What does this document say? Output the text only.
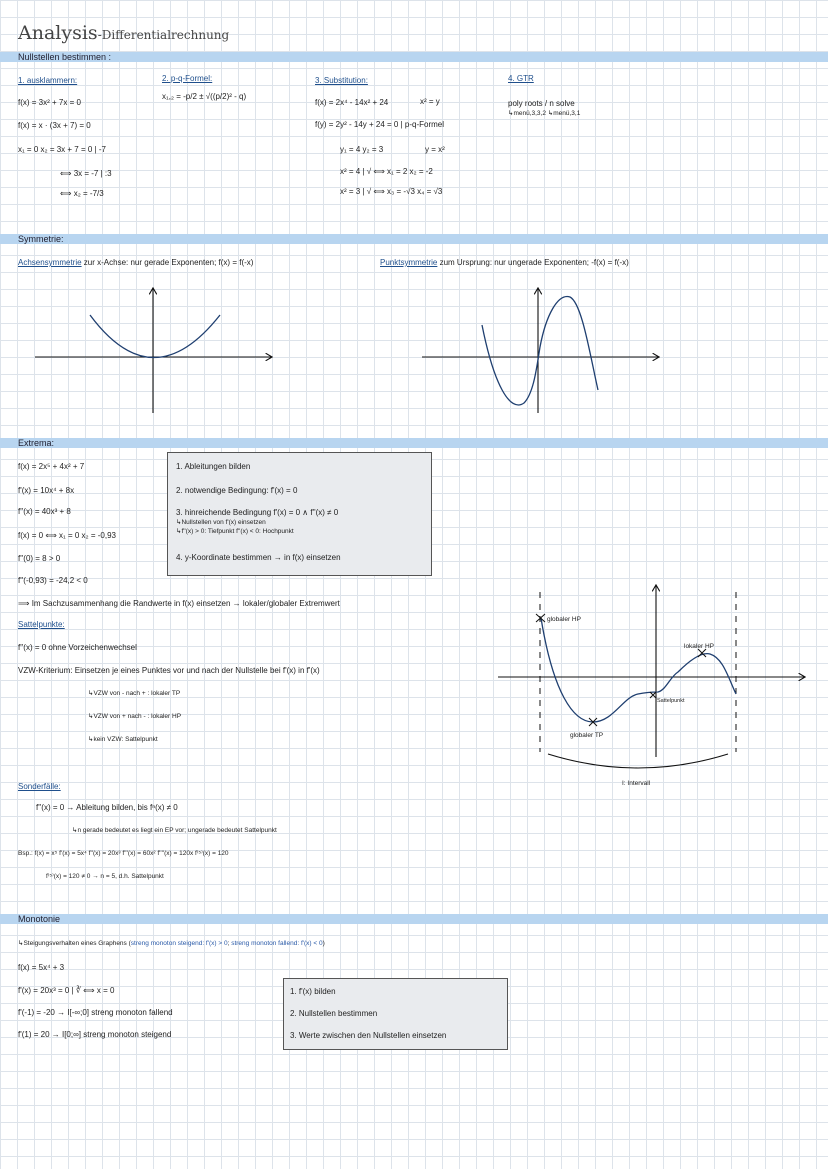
Analysis-Differentialrechnung
Nullstellen bestimmen :
1. ausklammern:
f(x) = 3x² + 7x = 0
f(x) = x · (3x + 7) = 0
x₁ = 0 x₂ = 3x + 7 = 0 | -7
⟺ 3x = -7 | :3
⟺ x₂ = -7/3
2. p-q-Formel:
x₁,₂ = -p/2 ± √((p/2)² - q)
3. Substitution:
f(x) = 2x⁴ - 14x² + 24	x² = y
f(y) = 2y² - 14y + 24 = 0 | p-q-Formel
y₁ = 4 y₂ = 3	y = x²
x² = 4 | √ ⟺ x₁ = 2 x₂ = -2
x² = 3 | √ ⟺ x₃ = -√3 x₄ = √3
4. GTR
poly roots / n solve
↳menü,3,3,2 ↳menü,3,1
Symmetrie:
Achsensymmetrie zur x-Achse: nur gerade Exponenten; f(x) = f(-x)	Punktsymmetrie zum Ursprung: nur ungerade Exponenten; -f(x) = f(-x)
Extrema:
f(x) = 2x⁵ + 4x² + 7
f'(x) = 10x⁴ + 8x
f''(x) = 40x³ + 8
f(x) = 0 ⟺ x₁ = 0 x₂ = -0,93
f''(0) = 8 > 0
f''(-0,93) = -24,2 < 0
1. Ableitungen bilden
2. notwendige Bedingung: f'(x) = 0
3. hinreichende Bedingung f'(x) = 0 ∧ f''(x) ≠ 0
↳Nullstellen von f'(x) einsetzen
↳f''(x) > 0: Tiefpunkt f''(x) < 0: Hochpunkt
4. y-Koordinate bestimmen → in f(x) einsetzen
⟹ Im Sachzusammenhang die Randwerte in f(x) einsetzen → lokaler/globaler Extremwert
Sattelpunkte:
f''(x) = 0 ohne Vorzeichenwechsel
VZW-Kriterium: Einsetzen je eines Punktes vor und nach der Nullstelle bei f'(x) in f'(x)
↳VZW von - nach + : lokaler TP
↳VZW von + nach - : lokaler HP
↳kein VZW: Sattelpunkt
globaler HP
lokaler HP
Sattelpunkt
globaler TP
I: Intervall
Sonderfälle:
f''(x) = 0 → Ableitung bilden, bis fⁿ(x) ≠ 0
↳n gerade bedeutet es liegt ein EP vor; ungerade bedeutet Sattelpunkt
Bsp.: f(x) = x⁵ f'(x) = 5x⁴ f''(x) = 20x³ f'''(x) = 60x² f''''(x) = 120x f⁽⁵⁾(x) = 120
f⁽⁵⁾(x) = 120 ≠ 0 → n = 5, d.h. Sattelpunkt
Monotonie
↳Steigungsverhalten eines Graphens (streng monoton steigend: f'(x) > 0; streng monoton fallend: f'(x) < 0)
f(x) = 5x⁴ + 3
f'(x) = 20x³ = 0 | ∛ ⟺ x = 0
f'(-1) = -20 → I[-∞;0] streng monoton fallend
f'(1) = 20 → I[0;∞] streng monoton steigend
1. f'(x) bilden
2. Nullstellen bestimmen
3. Werte zwischen den Nullstellen einsetzen
